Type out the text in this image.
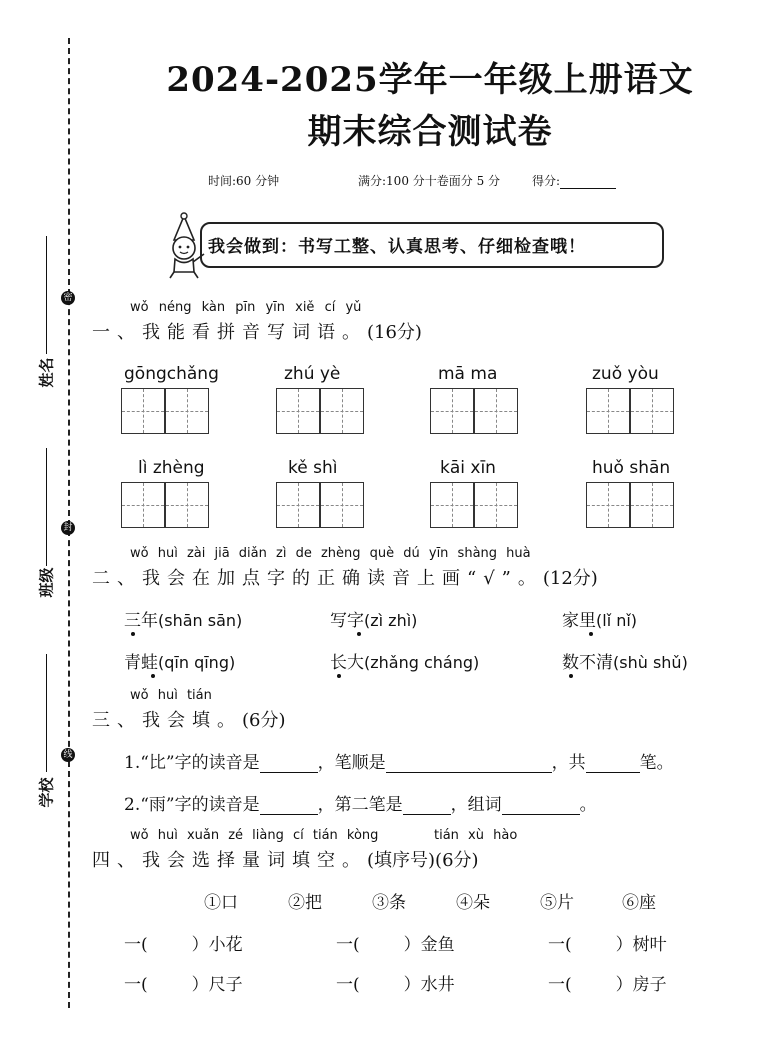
密
封
线
姓名
班级
学校
2024-2025学年一年级上册语文
期末综合测试卷
时间:60 分钟	满分:100 分十卷面分 5 分	得分:
我会做到：书写工整、认真思考、仔细检查哦！
wǒ néng kàn pīn yīn xiě cí yǔ
一、我能看拼音写词语。(16分)
gōngchǎng	zhú yè	mā ma	zuǒ yòu
lì zhèng	kě shì	kāi xīn	huǒ shān
wǒ huì zài jiā diǎn zì de zhèng què dú yīn shàng huà
二、我会在加点字的正确读音上画“√”。(12分)
三年(shān sān)	写字(zì zhì)	家里(lǐ nǐ)
青蛙(qīn qīng)	长大(zhǎng cháng)	数不清(shù shǔ)
wǒ huì tián
三、我会填。(6分)
1.“比”字的读音是	，笔顺是	，共	笔。
2.“雨”字的读音是	，第二笔是	，组词	。
wǒ huì xuǎn zé liàng cí tián kòng	tián xù hào
四、我会选择量词填空。(填序号)(6分)
①口	②把	③条	④朵	⑤片	⑥座
一(	）小花	一(	）金鱼	一(	）树叶
一(	）尺子	一(	）水井	一(	）房子
